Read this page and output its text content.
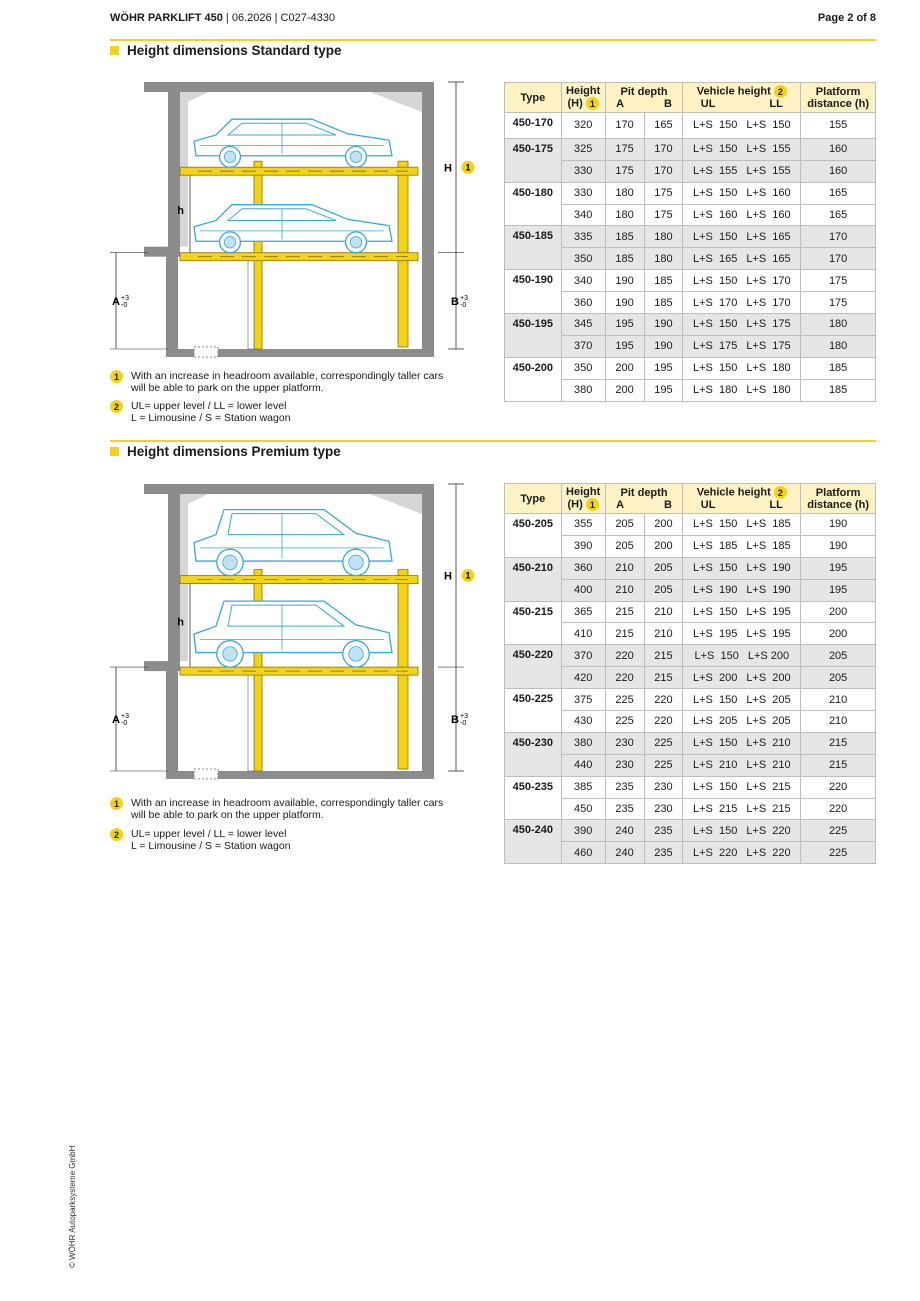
WÖHR PARKLIFT 450 | 06.2026 | C027-4330	Page 2 of 8
Height dimensions Standard type
H 1
h
A +3
-0	B +3
-0
1	With an increase in headroom available, correspondingly taller cars
will be able to park on the upper platform.
2	UL= upper level / LL = lower level
L = Limousine / S = Station wagon
Type	Height
(H) 1	Pit depth
A B		Vehicle height 2
UL LL	Platform
distance (h)
450-170	320	170	165	L+S  150 L+S  150	155
450-175	325	175	170	L+S  150 L+S  155	160
	330	175	170	L+S  155 L+S  155	160
450-180	330	180	175	L+S  150 L+S  160	165
	340	180	175	L+S  160 L+S  160	165
450-185	335	185	180	L+S  150 L+S  165	170
	350	185	180	L+S  165 L+S  165	170
450-190	340	190	185	L+S  150 L+S  170	175
	360	190	185	L+S  170 L+S  170	175
450-195	345	195	190	L+S  150 L+S  175	180
	370	195	190	L+S  175 L+S  175	180
450-200	350	200	195	L+S  150 L+S  180	185
	380	200	195	L+S  180 L+S  180	185
Height dimensions Premium type
H 1
h
A +3
-0	B +3
-0
1	With an increase in headroom available, correspondingly taller cars
will be able to park on the upper platform.
2	UL= upper level / LL = lower level
L = Limousine / S = Station wagon
Type	Height
(H) 1	Pit depth
A B		Vehicle height 2
UL LL	Platform
distance (h)
450-205	355	205	200	L+S  150 L+S  185	190
	390	205	200	L+S  185 L+S  185	190
450-210	360	210	205	L+S  150 L+S  190	195
	400	210	205	L+S  190 L+S  190	195
450-215	365	215	210	L+S  150 L+S  195	200
	410	215	210	L+S  195 L+S  195	200
450-220	370	220	215	L+S  150 L+S 200	205
	420	220	215	L+S  200 L+S  200	205
450-225	375	225	220	L+S  150 L+S  205	210
	430	225	220	L+S  205 L+S  205	210
450-230	380	230	225	L+S  150 L+S  210	215
	440	230	225	L+S  210 L+S  210	215
450-235	385	235	230	L+S  150 L+S  215	220
	450	235	230	L+S  215 L+S  215	220
450-240	390	240	235	L+S  150 L+S  220	225
	460	240	235	L+S  220 L+S  220	225
© WÖHR Autoparksysteme GmbH
